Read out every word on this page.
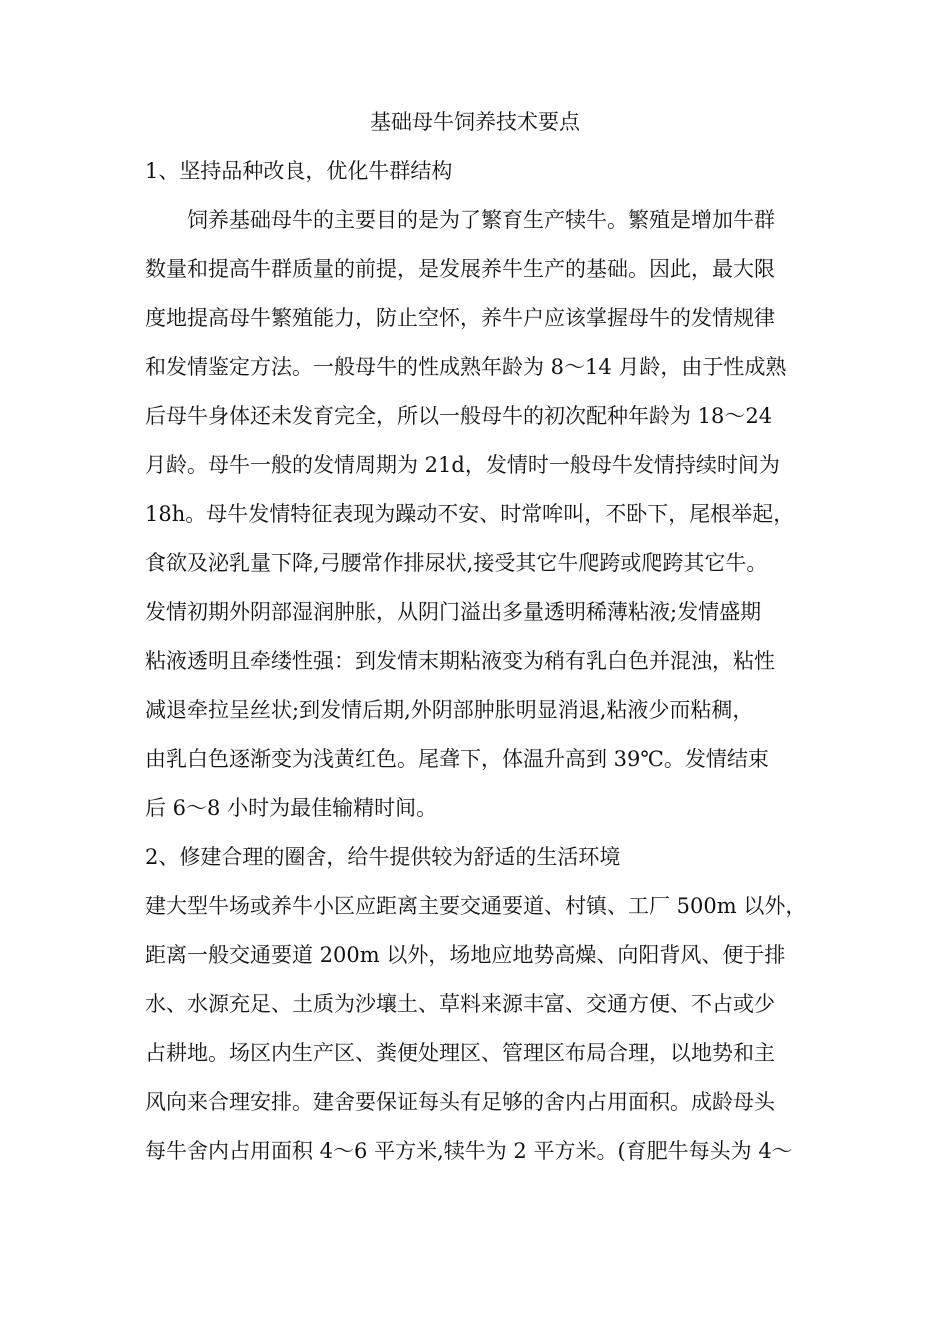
基础母牛饲养技术要点
1、坚持品种改良，优化牛群结构
饲养基础母牛的主要目的是为了繁育生产犊牛。繁殖是增加牛群
数量和提高牛群质量的前提，是发展养牛生产的基础。因此，最大限
度地提高母牛繁殖能力，防止空怀，养牛户应该掌握母牛的发情规律
和发情鉴定方法。一般母牛的性成熟年龄为 8～14 月龄，由于性成熟
后母牛身体还未发育完全，所以一般母牛的初次配种年龄为 18～24
月龄。母牛一般的发情周期为 21d，发情时一般母牛发情持续时间为
18h。母牛发情特征表现为躁动不安、时常哞叫，不卧下，尾根举起，
食欲及泌乳量下降,弓腰常作排尿状,接受其它牛爬跨或爬跨其它牛。
发情初期外阴部湿润肿胀，从阴门溢出多量透明稀薄粘液;发情盛期
粘液透明且牵缕性强：到发情末期粘液变为稍有乳白色并混浊，粘性
减退牵拉呈丝状;到发情后期,外阴部肿胀明显消退,粘液少而粘稠，
由乳白色逐渐变为浅黄红色。尾聋下，体温升高到 39℃。发情结束
后 6～8 小时为最佳输精时间。
2、修建合理的圈舍，给牛提供较为舒适的生活环境
建大型牛场或养牛小区应距离主要交通要道、村镇、工厂 500m 以外，
距离一般交通要道 200m 以外，场地应地势高燥、向阳背风、便于排
水、水源充足、土质为沙壤土、草料来源丰富、交通方便、不占或少
占耕地。场区内生产区、粪便处理区、管理区布局合理，以地势和主
风向来合理安排。建舍要保证每头有足够的舍内占用面积。成龄母头
每牛舍内占用面积 4～6 平方米,犊牛为 2 平方米。(育肥牛每头为 4～
